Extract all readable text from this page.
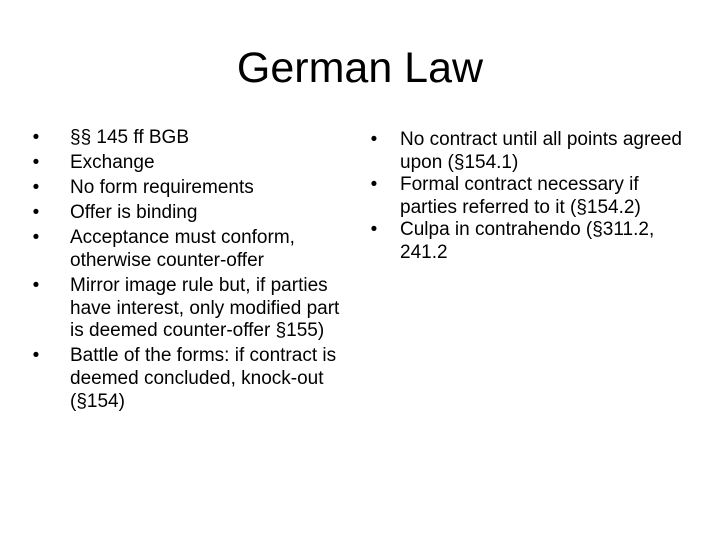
German Law
• §§ 145 ff BGB
• Exchange
• No form requirements
• Offer is binding
• Acceptance must conform, otherwise counter-offer
• Mirror image rule but, if parties have interest, only modified part is deemed counter-offer §155)
• Battle of the forms: if contract is deemed concluded, knock-out (§154)
• No contract until all points agreed upon (§154.1)
• Formal contract necessary if parties referred to it (§154.2)
• Culpa in contrahendo (§311.2, 241.2
